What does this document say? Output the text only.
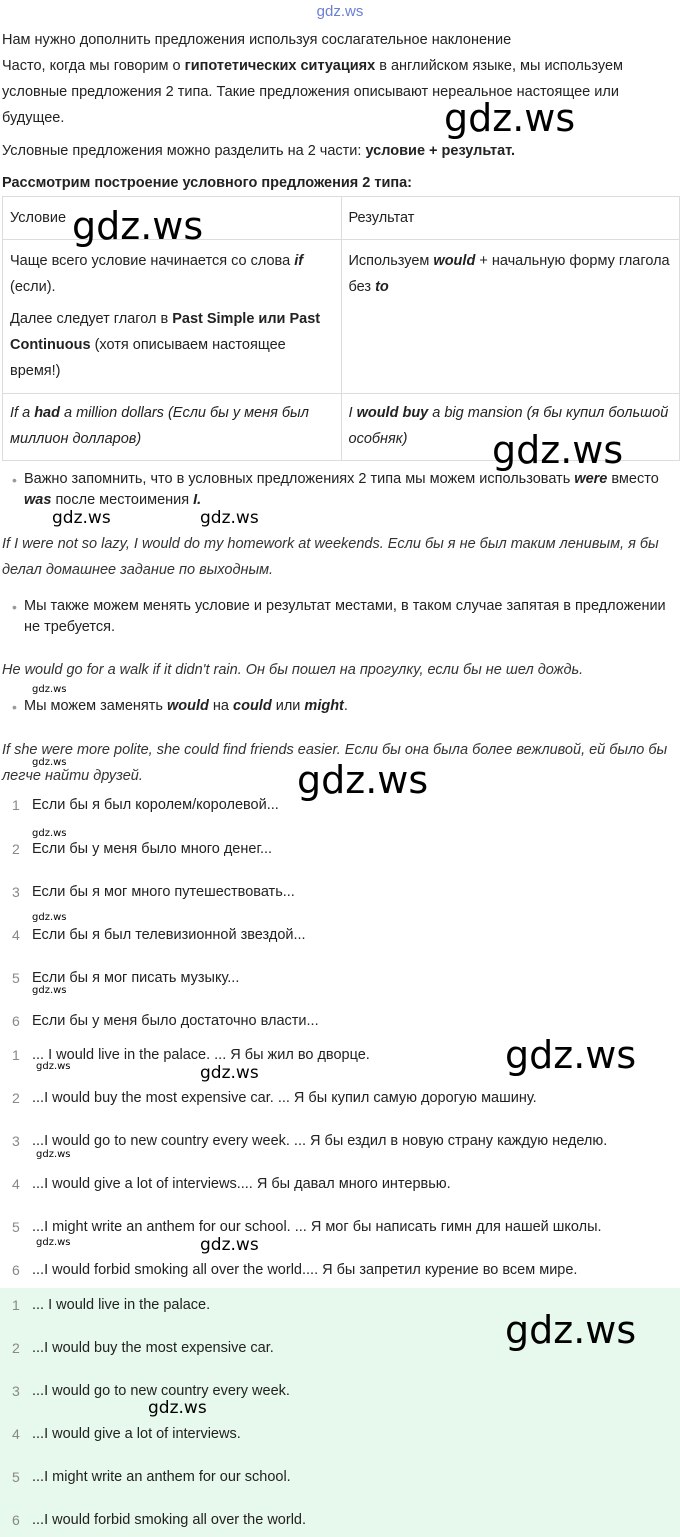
gdz.ws
Нам нужно дополнить предложения используя сослагательное наклонение
Часто, когда мы говорим о гипотетических ситуациях в английском языке, мы используем условные предложения 2 типа. Такие предложения описывают нереальное настоящее или будущее.
Условные предложения можно разделить на 2 части: условие + результат.
Рассмотрим построение условного предложения 2 типа:
Условие	Результат

Чаще всего условие начинается со слова if (если).
Далее следует глагол в Past Simple или Past Continuous (хотя описываем настоящее время!)	Используем would + начальную форму глагола без to
If a had a million dollars (Если бы у меня был миллион долларов)	I would buy a big mansion (я бы купил большой особняк)
• Важно запомнить, что в условных предложениях 2 типа мы можем использовать were вместо was после местоимения I.
If I were not so lazy, I would do my homework at weekends. Если бы я не был таким ленивым, я бы делал домашнее задание по выходным.
• Мы также можем менять условие и результат местами, в таком случае запятая в предложении не требуется.
He would go for a walk if it didn't rain. Он бы пошел на прогулку, если бы не шел дождь.
• Мы можем заменять would на could или might.
If she were more polite, she could find friends easier. Если бы она была более вежливой, ей было бы легче найти друзей.
1 Если бы я был королем/королевой...
2 Если бы у меня было много денег...
3 Если бы я мог много путешествовать...
4 Если бы я был телевизионной звездой...
5 Если бы я мог писать музыку...
6 Если бы у меня было достаточно власти...
1 ... I would live in the palace. ... Я бы жил во дворце.
2 ...I would buy the most expensive car. ... Я бы купил самую дорогую машину.
3 ...I would go to new country every week. ... Я бы ездил в новую страну каждую неделю.
4 ...I would give a lot of interviews.... Я бы давал много интервью.
5 ...I might write an anthem for our school. ... Я мог бы написать гимн для нашей школы.
6 ...I would forbid smoking all over the world.... Я бы запретил курение во всем мире.
1 ... I would live in the palace.
2 ...I would buy the most expensive car.
3 ...I would go to new country every week.
4 ...I would give a lot of interviews.
5 ...I might write an anthem for our school.
6 ...I would forbid smoking all over the world.
gdz.ws
gdz.ws
gdz.ws
gdz.ws	gdz.ws
gdz.ws
gdz.ws	gdz.ws
gdz.ws
gdz.ws
gdz.ws
gdz.ws
gdz.ws
gdz.ws
gdz.ws
gdz.ws
gdz.ws
gdz.ws
gdz.ws
